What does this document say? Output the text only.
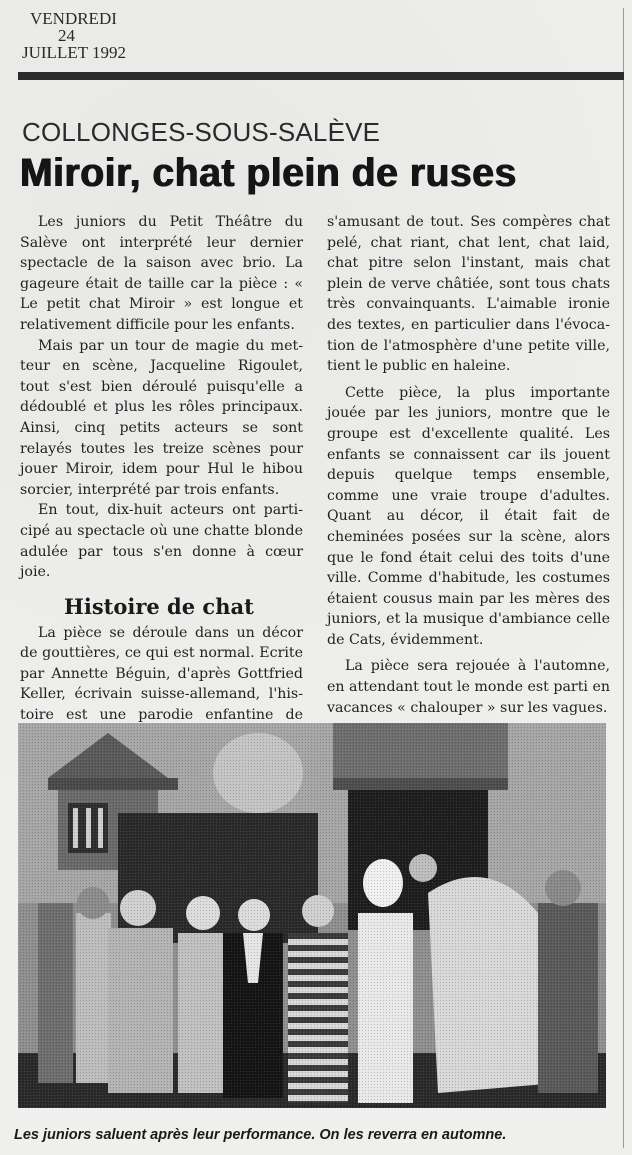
VENDREDI
24
JUILLET 1992
COLLONGES-SOUS-SALÈVE
Miroir, chat plein de ruses

Les juniors du Petit Théâtre du Salève ont interprété leur dernier spectacle de la saison avec brio. La gageure était de taille car la pièce : « Le petit chat Miroir » est longue et relativement difficile pour les enfants.

Mais par un tour de magie du metteur en scène, Jacqueline Rigoulet, tout s'est bien déroulé puisqu'elle a dédoublé et plus les rôles principaux. Ainsi, cinq petits acteurs se sont relayés toutes les treize scènes pour jouer Miroir, idem pour Hul le hibou sorcier, interprété par trois enfants.

En tout, dix-huit acteurs ont participé au spectacle où une chatte blonde adulée par tous s'en donne à cœur joie.

Histoire de chat

La pièce se déroule dans un décor de gouttières, ce qui est normal. Ecrite par Annette Béguin, d'après Gottfried Keller, écrivain suisse-allemand, l'histoire est une parodie enfantine de

s'amusant de tout. Ses compères chat pelé, chat riant, chat lent, chat laid, chat pitre selon l'instant, mais chat plein de verve châtiée, sont tous chats très convainquants. L'aimable ironie des textes, en particulier dans l'évocation de l'atmosphère d'une petite ville, tient le public en haleine.

Cette pièce, la plus importante jouée par les juniors, montre que le groupe est d'excellente qualité. Les enfants se connaissent car ils jouent depuis quelque temps ensemble, comme une vraie troupe d'adultes. Quant au décor, il était fait de cheminées posées sur la scène, alors que le fond était celui des toits d'une ville. Comme d'habitude, les costumes étaient cousus main par les mères des juniors, et la musique d'ambiance celle de Cats, évidemment.

La pièce sera rejouée à l'automne, en attendant tout le monde est parti en vacances « chalouper » sur les vagues.

Les juniors saluent après leur performance. On les reverra en automne.
